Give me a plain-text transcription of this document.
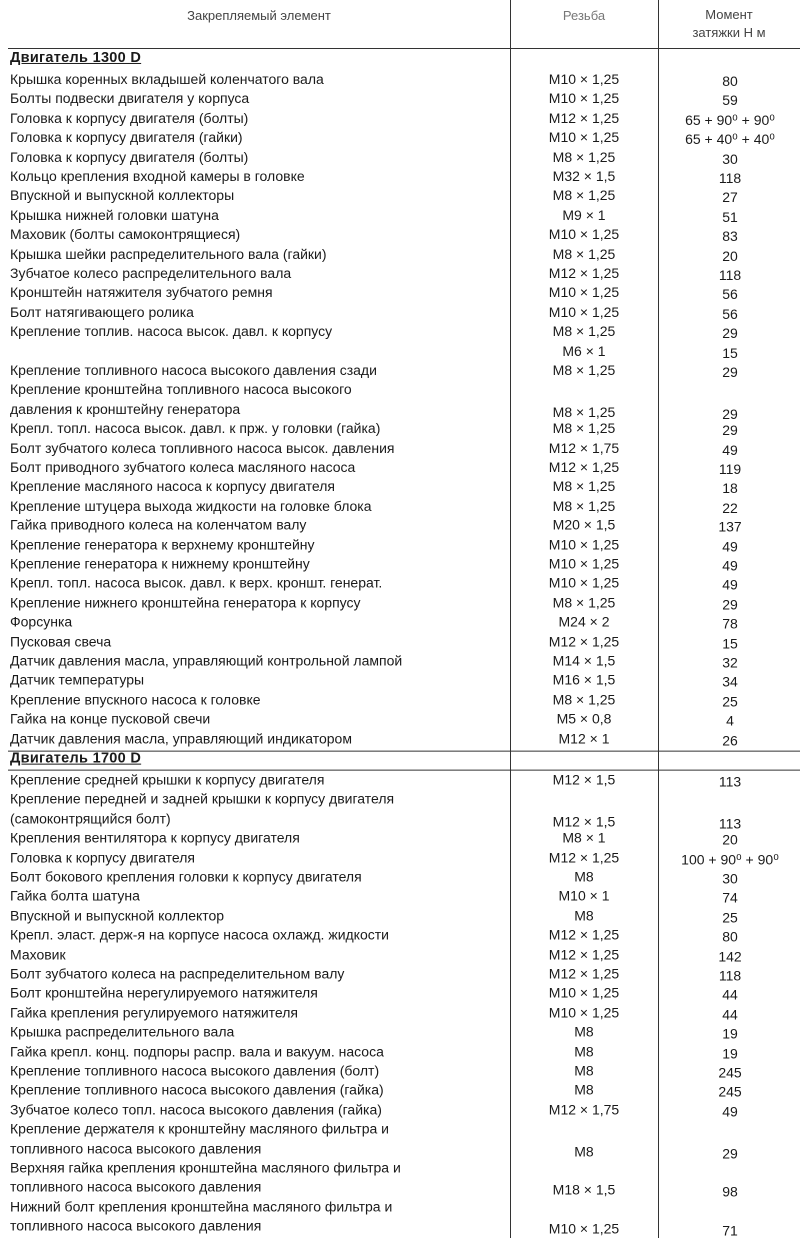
Закрепляемый элемент	Резьба	Момент
затяжки Н м
Двигатель 1300 D
Крышка коренных вкладышей коленчатого вала	М10 × 1,25	80
Болты подвески двигателя у корпуса	М10 × 1,25	59
Головка к корпусу двигателя (болты)	М12 × 1,25	65 + 90⁰ + 90⁰
Головка к корпусу двигателя (гайки)	М10 × 1,25	65 + 40⁰ + 40⁰
Головка к корпусу двигателя (болты)	М8 × 1,25	30
Кольцо крепления входной камеры в головке	М32 × 1,5	118
Впускной и выпускной коллекторы	М8 × 1,25	27
Крышка нижней головки шатуна	М9 × 1	51
Маховик (болты самоконтрящиеся)	М10 × 1,25	83
Крышка шейки распределительного вала (гайки)	М8 × 1,25	20
Зубчатое колесо распределительного вала	М12 × 1,25	118
Кронштейн натяжителя зубчатого ремня	М10 × 1,25	56
Болт натягивающего ролика	М10 × 1,25	56
Крепление топлив. насоса высок. давл. к корпусу	М8 × 1,25	29
М6 × 1	15
Крепление топливного насоса высокого давления сзади	М8 × 1,25	29
Крепление кронштейна топливного насоса высокого
давления к кронштейну генератора	М8 × 1,25	29
Крепл. топл. насоса высок. давл. к прж. у головки (гайка)	М8 × 1,25	29
Болт зубчатого колеса топливного насоса высок. давления	М12 × 1,75	49
Болт приводного зубчатого колеса масляного насоса	М12 × 1,25	119
Крепление масляного насоса к корпусу двигателя	М8 × 1,25	18
Крепление штуцера выхода жидкости на головке блока	М8 × 1,25	22
Гайка приводного колеса на коленчатом валу	М20 × 1,5	137
Крепление генератора к верхнему кронштейну	М10 × 1,25	49
Крепление генератора к нижнему кронштейну	М10 × 1,25	49
Крепл. топл. насоса высок. давл. к верх. кроншт. генерат.	М10 × 1,25	49
Крепление нижнего кронштейна генератора к корпусу	М8 × 1,25	29
Форсунка	М24 × 2	78
Пусковая свеча	М12 × 1,25	15
Датчик давления масла, управляющий контрольной лампой	М14 × 1,5	32
Датчик температуры	М16 × 1,5	34
Крепление впускного насоса к головке	М8 × 1,25	25
Гайка на конце пусковой свечи	М5 × 0,8	4
Датчик давления масла, управляющий индикатором	М12 × 1	26
Двигатель 1700 D
Крепление средней крышки к корпусу двигателя	М12 × 1,5	113
Крепление передней и задней крышки к корпусу двигателя
(самоконтрящийся болт)	М12 × 1,5	113
Крепления вентилятора к корпусу двигателя	М8 × 1	20
Головка к корпусу двигателя	М12 × 1,25	100 + 90⁰ + 90⁰
Болт бокового крепления головки к корпусу двигателя	М8	30
Гайка болта шатуна	М10 × 1	74
Впускной и выпускной коллектор	М8	25
Крепл. эласт. держ-я на корпусе насоса охлажд. жидкости	М12 × 1,25	80
Маховик	М12 × 1,25	142
Болт зубчатого колеса на распределительном валу	М12 × 1,25	118
Болт кронштейна нерегулируемого натяжителя	М10 × 1,25	44
Гайка крепления регулируемого натяжителя	М10 × 1,25	44
Крышка распределительного вала	М8	19
Гайка крепл. конц. подпоры распр. вала и вакуум. насоса	М8	19
Крепление топливного насоса высокого давления (болт)	М8	245
Крепление топливного насоса высокого давления (гайка)	М8	245
Зубчатое колесо топл. насоса высокого давления (гайка)	М12 × 1,75	49
Крепление держателя к кронштейну масляного фильтра и
топливного насоса высокого давления	М8	29
Верхняя гайка крепления кронштейна масляного фильтра и
топливного насоса высокого давления	М18 × 1,5	98
Нижний болт крепления кронштейна масляного фильтра и
топливного насоса высокого давления	М10 × 1,25	71
